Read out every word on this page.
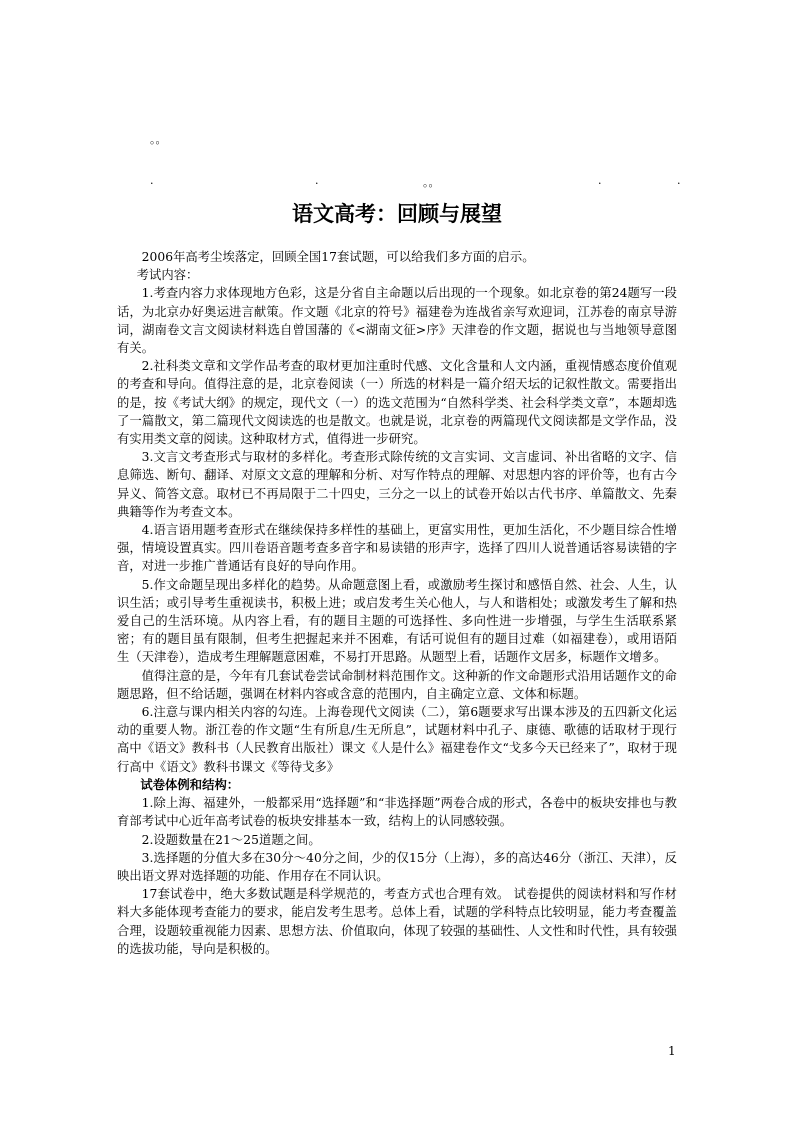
。。
.	.	。。	.	.
语文高考：回顾与展望

2006年高考尘埃落定，回顾全国17套试题，可以给我们多方面的启示。

考试内容：

1.考查内容力求体现地方色彩，这是分省自主命题以后出现的一个现象。如北京卷的第24题写一段话，为北京办好奥运进言献策。作文题《北京的符号》福建卷为连战省亲写欢迎词，江苏卷的南京导游词，湖南卷文言文阅读材料选自曾国藩的《<湖南文征>序》天津卷的作文题，据说也与当地领导意图有关。

2.社科类文章和文学作品考查的取材更加注重时代感、文化含量和人文内涵，重视情感态度价值观的考查和导向。值得注意的是，北京卷阅读（一）所选的材料是一篇介绍天坛的记叙性散文。需要指出的是，按《考试大纲》的规定，现代文（一）的选文范围为“自然科学类、社会科学类文章”，本题却选了一篇散文，第二篇现代文阅读选的也是散文。也就是说，北京卷的两篇现代文阅读都是文学作品，没有实用类文章的阅读。这种取材方式，值得进一步研究。

3.文言文考查形式与取材的多样化。考查形式除传统的文言实词、文言虚词、补出省略的文字、信息筛选、断句、翻译、对原文文意的理解和分析、对写作特点的理解、对思想内容的评价等，也有古今异义、简答文意。取材已不再局限于二十四史，三分之一以上的试卷开始以古代书序、单篇散文、先秦典籍等作为考查文本。

4.语言语用题考查形式在继续保持多样性的基础上，更富实用性，更加生活化，不少题目综合性增强，情境设置真实。四川卷语音题考查多音字和易读错的形声字，选择了四川人说普通话容易读错的字音，对进一步推广普通话有良好的导向作用。

5.作文命题呈现出多样化的趋势。从命题意图上看，或激励考生探讨和感悟自然、社会、人生，认识生活；或引导考生重视读书，积极上进；或启发考生关心他人，与人和谐相处；或激发考生了解和热爱自己的生活环境。从内容上看，有的题目主题的可选择性、多向性进一步增强，与学生生活联系紧密；有的题目虽有限制，但考生把握起来并不困难，有话可说但有的题目过难（如福建卷），或用语陌生（天津卷），造成考生理解题意困难，不易打开思路。从题型上看，话题作文居多，标题作文增多。

值得注意的是，今年有几套试卷尝试命制材料范围作文。这种新的作文命题形式沿用话题作文的命题思路，但不给话题，强调在材料内容或含意的范围内，自主确定立意、文体和标题。

6.注意与课内相关内容的勾连。上海卷现代文阅读（二），第6题要求写出课本涉及的五四新文化运动的重要人物。浙江卷的作文题“生有所息/生无所息”，试题材料中孔子、康德、歌德的话取材于现行高中《语文》教科书（人民教育出版社）课文《人是什么》福建卷作文“戈多今天已经来了”，取材于现行高中《语文》教科书课文《等待戈多》

试卷体例和结构：

1.除上海、福建外，一般都采用“选择题”和“非选择题”两卷合成的形式，各卷中的板块安排也与教育部考试中心近年高考试卷的板块安排基本一致，结构上的认同感较强。

2.设题数量在21～25道题之间。

3.选择题的分值大多在30分～40分之间，少的仅15分（上海），多的高达46分（浙江、天津），反映出语文界对选择题的功能、作用存在不同认识。

17套试卷中，绝大多数试题是科学规范的，考查方式也合理有效。 试卷提供的阅读材料和写作材料大多能体现考查能力的要求，能启发考生思考。总体上看，试题的学科特点比较明显，能力考查覆盖合理，设题较重视能力因素、思想方法、价值取向，体现了较强的基础性、人文性和时代性，具有较强的选拔功能，导向是积极的。

1
